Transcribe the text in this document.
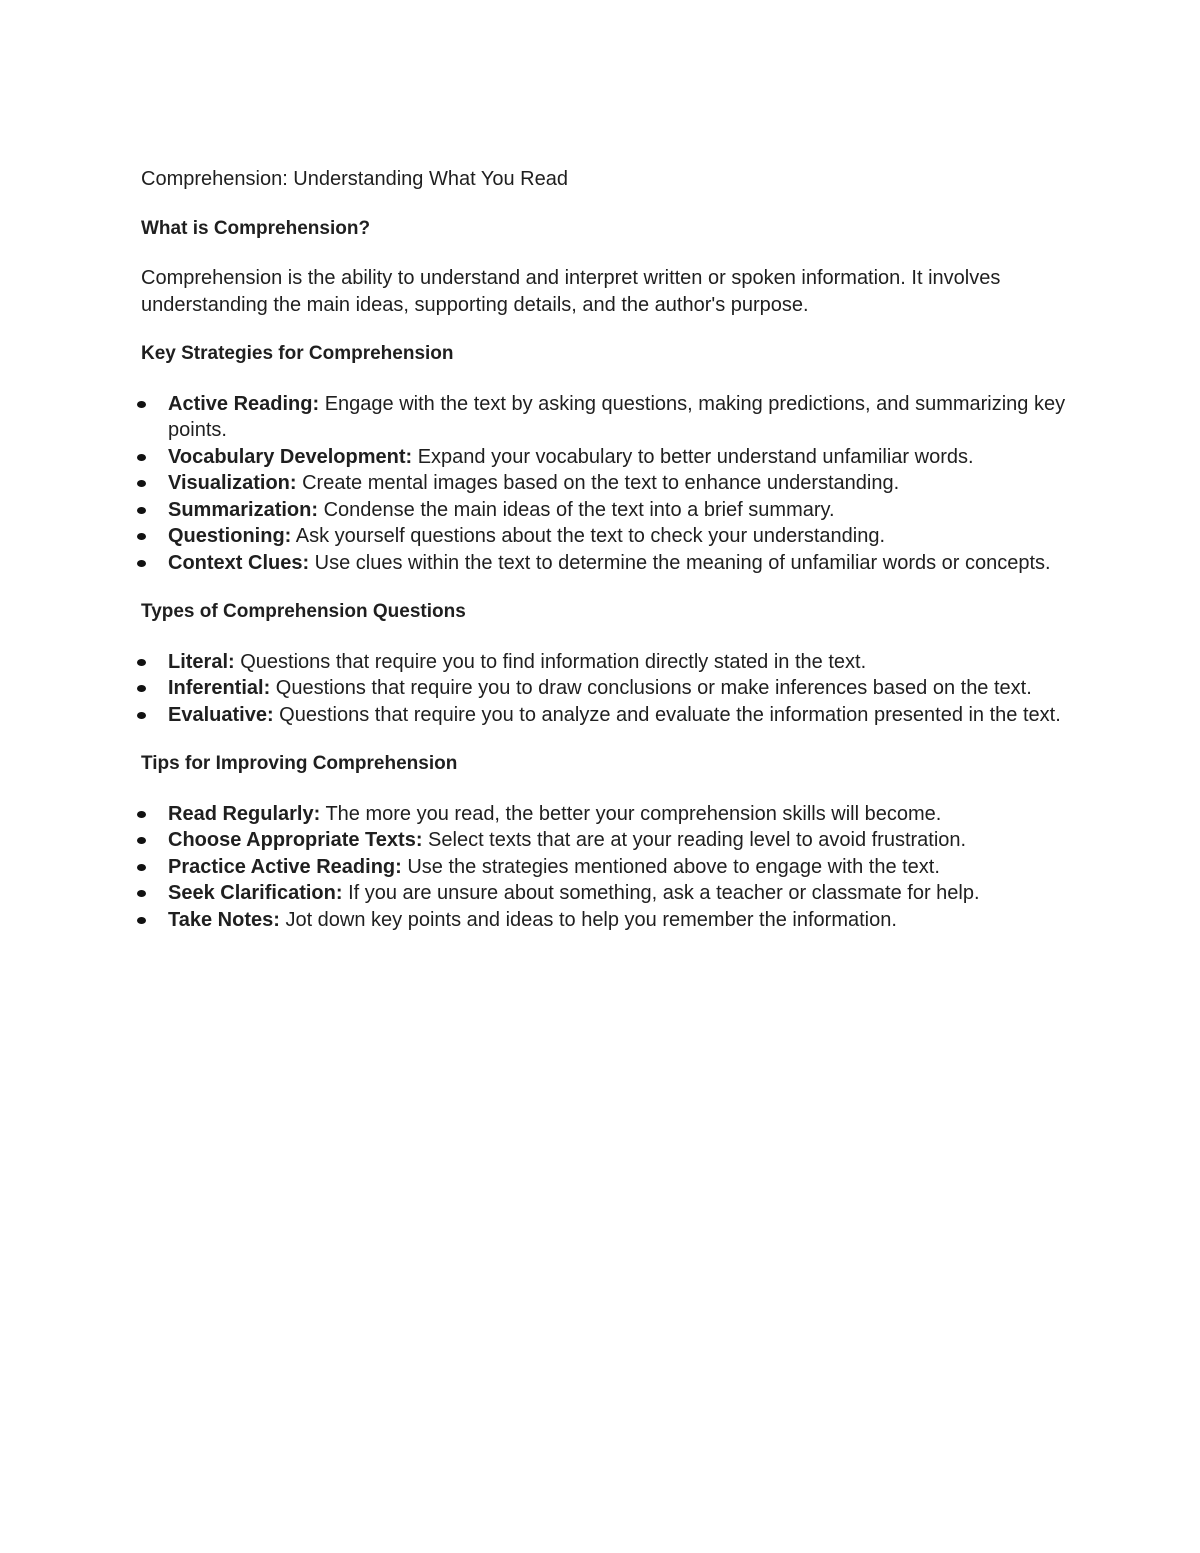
Comprehension: Understanding What You Read

What is Comprehension?

Comprehension is the ability to understand and interpret written or spoken information. It involves understanding the main ideas, supporting details, and the author's purpose.

Key Strategies for Comprehension

Active Reading: Engage with the text by asking questions, making predictions, and summarizing key points.
Vocabulary Development: Expand your vocabulary to better understand unfamiliar words.
Visualization: Create mental images based on the text to enhance understanding.
Summarization: Condense the main ideas of the text into a brief summary.
Questioning: Ask yourself questions about the text to check your understanding.
Context Clues: Use clues within the text to determine the meaning of unfamiliar words or concepts.

Types of Comprehension Questions

Literal: Questions that require you to find information directly stated in the text.
Inferential: Questions that require you to draw conclusions or make inferences based on the text.
Evaluative: Questions that require you to analyze and evaluate the information presented in the text.

Tips for Improving Comprehension

Read Regularly: The more you read, the better your comprehension skills will become.
Choose Appropriate Texts: Select texts that are at your reading level to avoid frustration.
Practice Active Reading: Use the strategies mentioned above to engage with the text.
Seek Clarification: If you are unsure about something, ask a teacher or classmate for help.
Take Notes: Jot down key points and ideas to help you remember the information.
